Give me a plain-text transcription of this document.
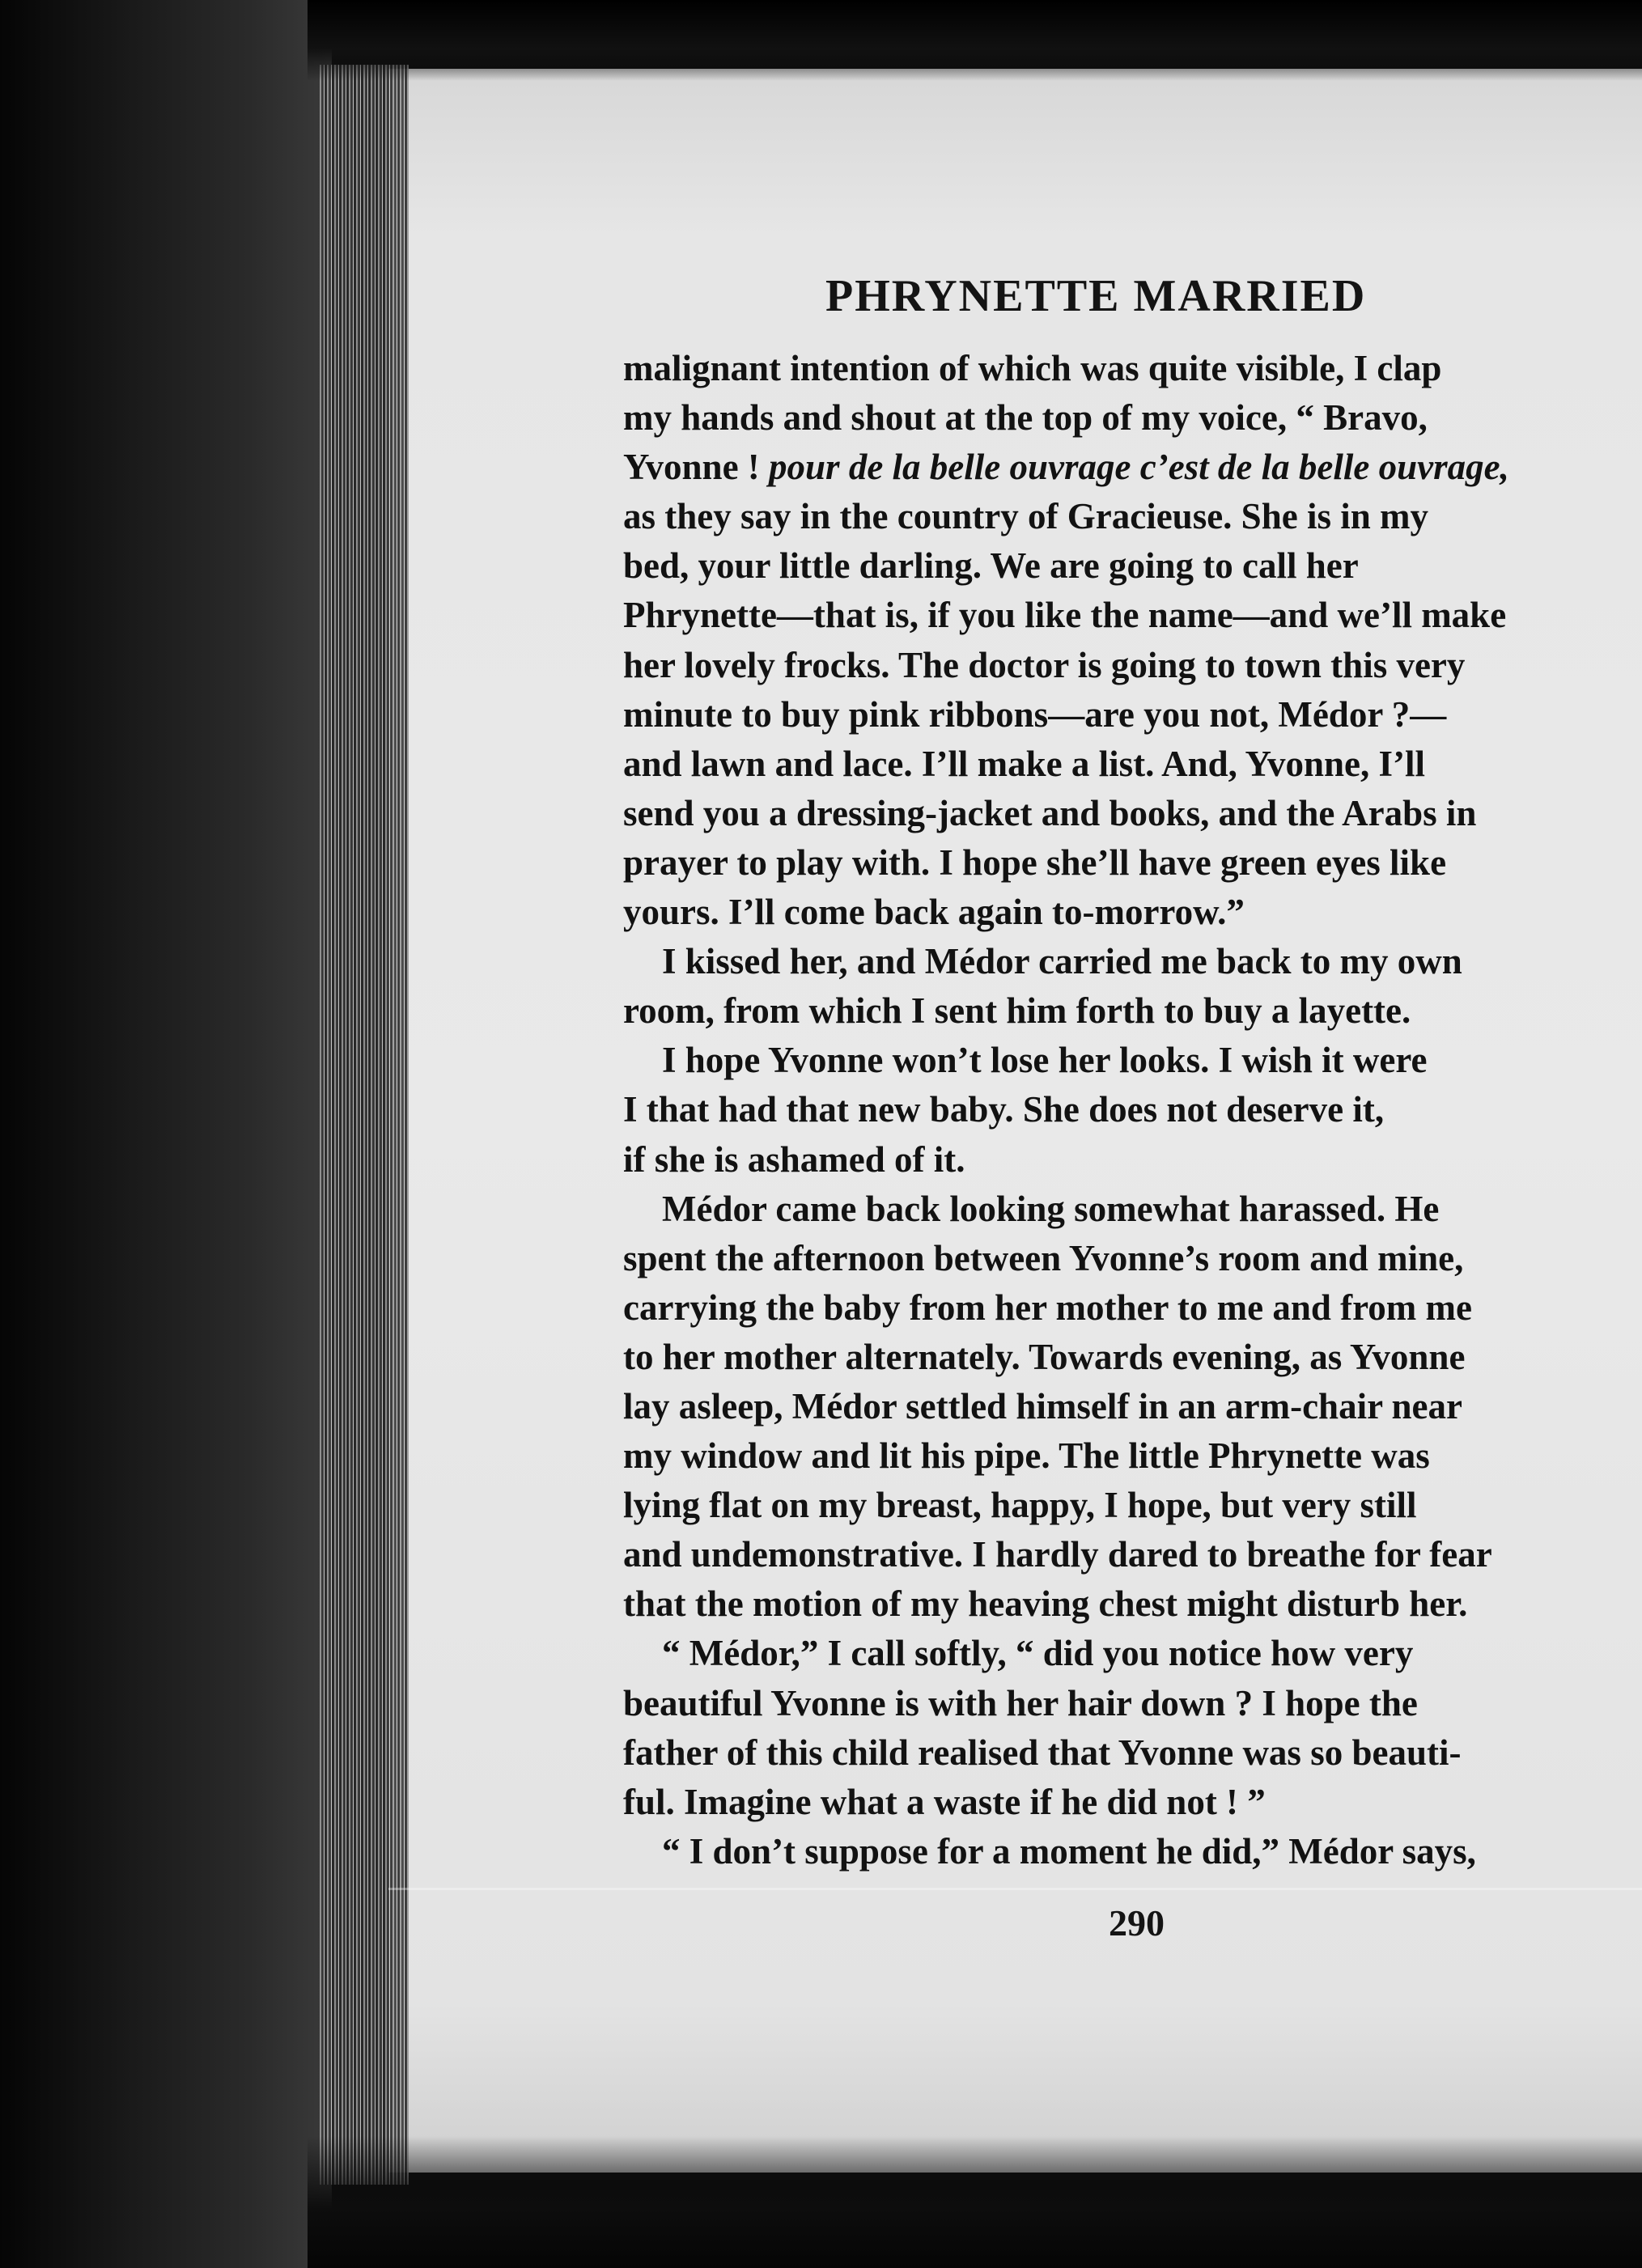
PHRYNETTE MARRIED
malignant intention of which was quite visible, I clap
my hands and shout at the top of my voice, “ Bravo,
Yvonne ! pour de la belle ouvrage c’est de la belle ouvrage,
as they say in the country of Gracieuse. She is in my
bed, your little darling. We are going to call her
Phrynette—that is, if you like the name—and we’ll make
her lovely frocks. The doctor is going to town this very
minute to buy pink ribbons—are you not, Médor ?—
and lawn and lace. I’ll make a list. And, Yvonne, I’ll
send you a dressing-jacket and books, and the Arabs in
prayer to play with. I hope she’ll have green eyes like
yours. I’ll come back again to-morrow.”
I kissed her, and Médor carried me back to my own
room, from which I sent him forth to buy a layette.
I hope Yvonne won’t lose her looks. I wish it were
I that had that new baby. She does not deserve it,
if she is ashamed of it.
Médor came back looking somewhat harassed. He
spent the afternoon between Yvonne’s room and mine,
carrying the baby from her mother to me and from me
to her mother alternately. Towards evening, as Yvonne
lay asleep, Médor settled himself in an arm-chair near
my window and lit his pipe. The little Phrynette was
lying flat on my breast, happy, I hope, but very still
and undemonstrative. I hardly dared to breathe for fear
that the motion of my heaving chest might disturb her.
“ Médor,” I call softly, “ did you notice how very
beautiful Yvonne is with her hair down ? I hope the
father of this child realised that Yvonne was so beauti-
ful. Imagine what a waste if he did not ! ”
“ I don’t suppose for a moment he did,” Médor says,
290
